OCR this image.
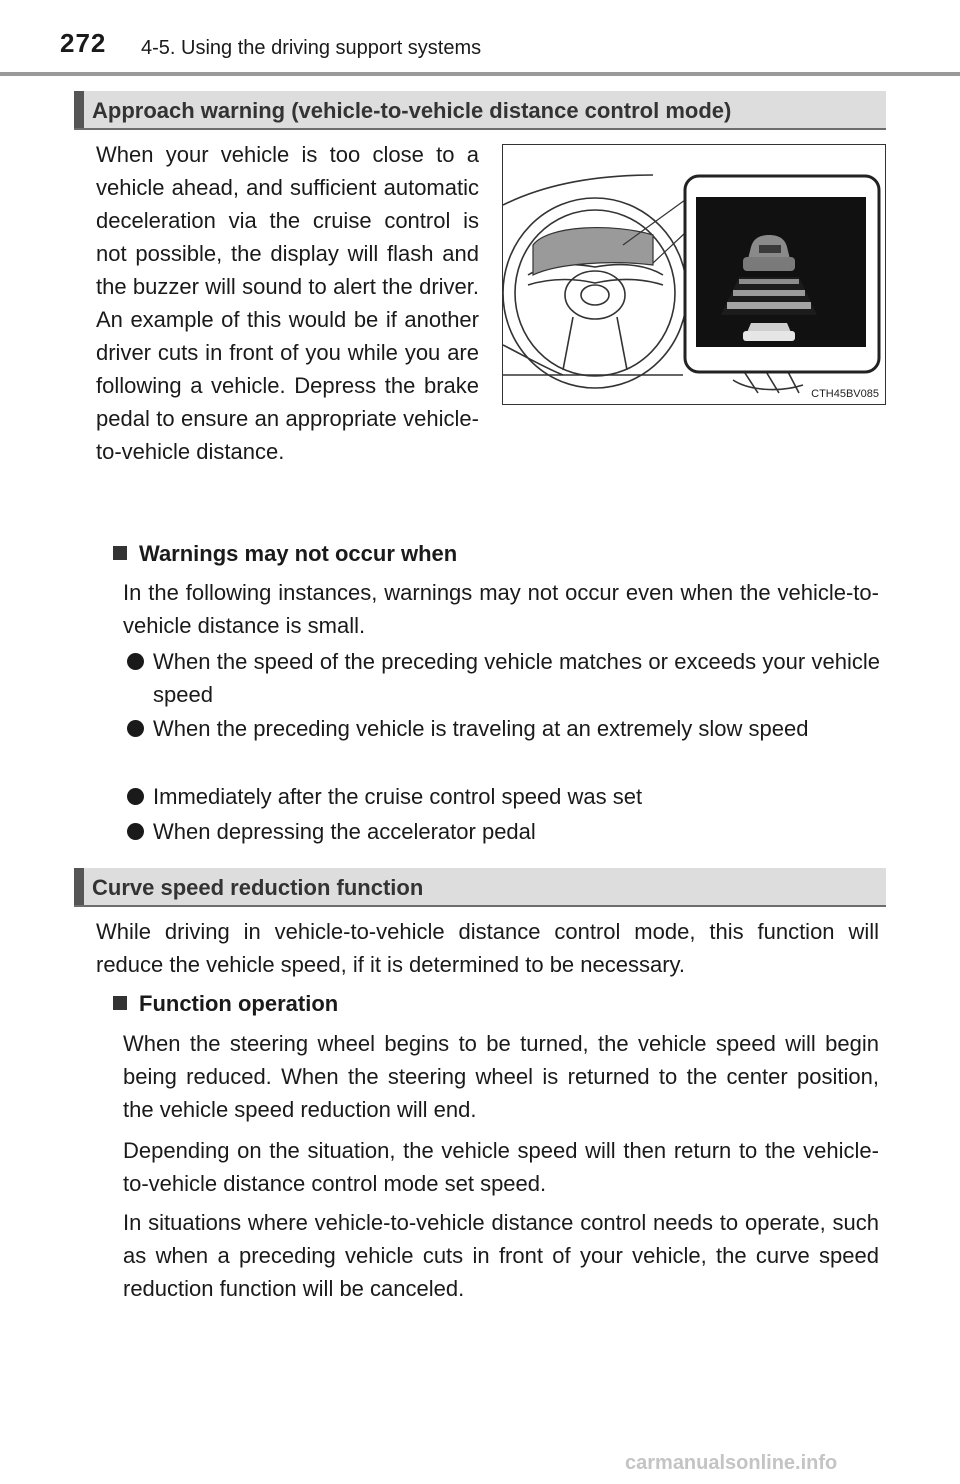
272 4-5. Using the driving support systems
Approach warning (vehicle-to-vehicle distance control mode)

When your vehicle is too close to a vehicle ahead, and sufficient automatic deceleration via the cruise control is not possible, the display will flash and the buzzer will sound to alert the driver. An example of this would be if another driver cuts in front of you while you are following a vehicle. Depress the brake pedal to ensure an appropriate vehicle-to-vehicle distance.

CTH45BV085
Warnings may not occur when

In the following instances, warnings may not occur even when the vehicle-to-vehicle distance is small.

When the speed of the preceding vehicle matches or exceeds your vehicle speed
When the preceding vehicle is traveling at an extremely slow speed
Immediately after the cruise control speed was set
When depressing the accelerator pedal
Curve speed reduction function

While driving in vehicle-to-vehicle distance control mode, this function will reduce the vehicle speed, if it is determined to be necessary.

Function operation

When the steering wheel begins to be turned, the vehicle speed will begin being reduced. When the steering wheel is returned to the center position, the vehicle speed reduction will end.

Depending on the situation, the vehicle speed will then return to the vehicle-to-vehicle distance control mode set speed.

In situations where vehicle-to-vehicle distance control needs to operate, such as when a preceding vehicle cuts in front of your vehicle, the curve speed reduction function will be canceled.

carmanualsonline.info
